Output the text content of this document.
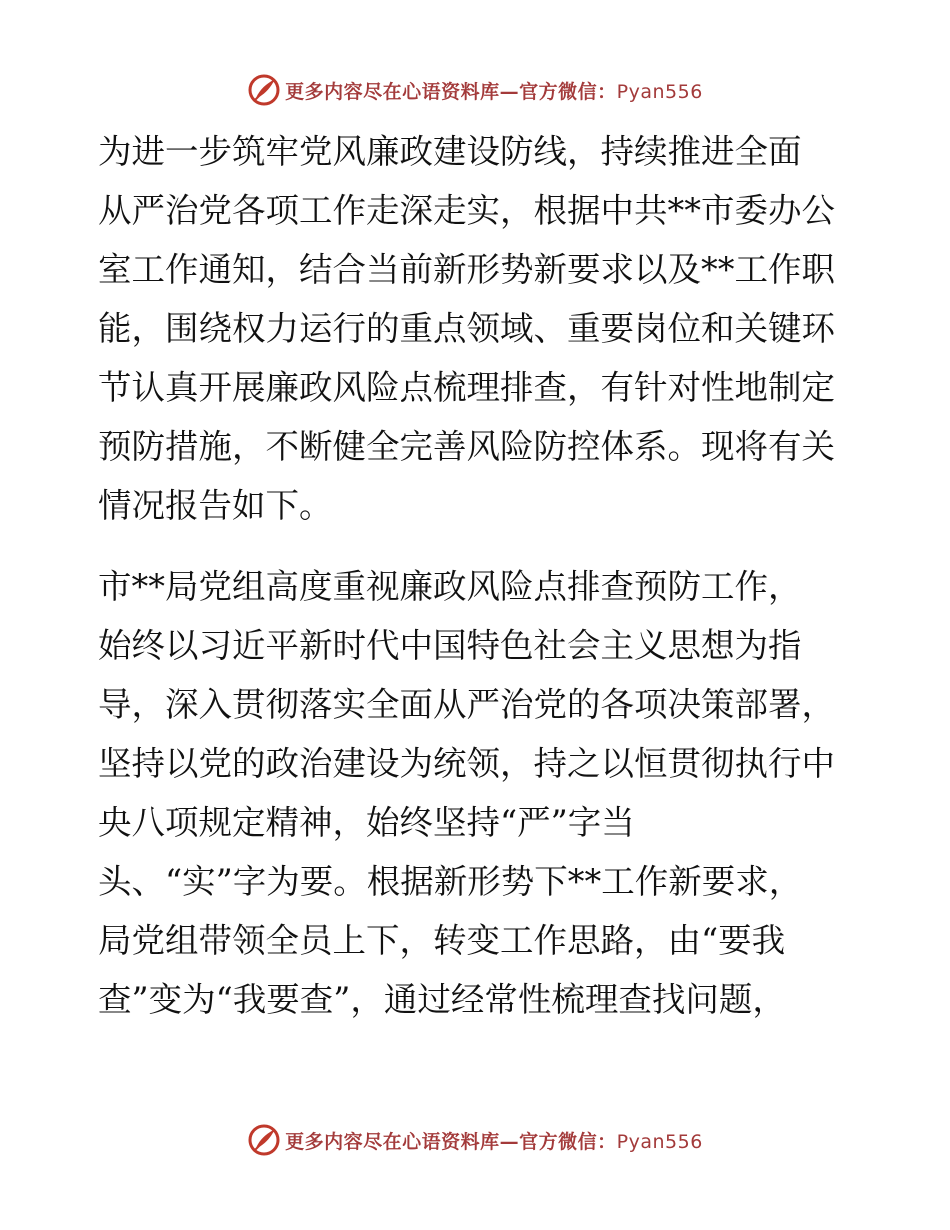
更多内容尽在心语资料库—官方微信：Pyan556

为进一步筑牢党风廉政建设防线，持续推进全面
从严治党各项工作走深走实，根据中共**市委办公
室工作通知，结合当前新形势新要求以及**工作职
能，围绕权力运行的重点领域、重要岗位和关键环
节认真开展廉政风险点梳理排查，有针对性地制定
预防措施，不断健全完善风险防控体系。现将有关
情况报告如下。

市**局党组高度重视廉政风险点排查预防工作，
始终以习近平新时代中国特色社会主义思想为指
导，深入贯彻落实全面从严治党的各项决策部署，
坚持以党的政治建设为统领，持之以恒贯彻执行中
央八项规定精神，始终坚持“严”字当
头、“实”字为要。根据新形势下**工作新要求，
局党组带领全员上下，转变工作思路，由“要我
查”变为“我要查”，通过经常性梳理查找问题，

更多内容尽在心语资料库—官方微信：Pyan556
